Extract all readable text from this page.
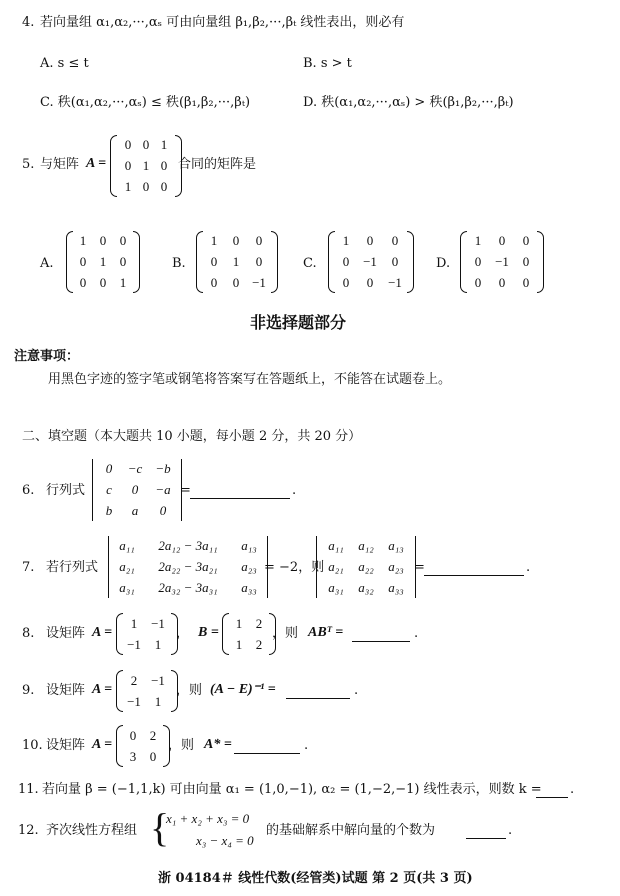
4. 若向量组 α₁,α₂,···,αₛ 可由向量组 β₁,β₂,···,βₜ 线性表出，则必有
A. s ≤ t	B. s > t
C. 秩(α₁,α₂,···,αₛ) ≤ 秩(β₁,β₂,···,βₜ)	D. 秩(α₁,α₂,···,αₛ) > 秩(β₁,β₂,···,βₜ)
5. 与矩阵 A =
0 0 1
0 1 0
1 0 0
合同的矩阵是
A.
1 0 0
0 1 0
0 0 1
B.
1 0 0
0 1 0
0 0 −1
C.
1 0 0
0 −1 0
0 0 −1
D.
1 0 0
0 −1 0
0 0 0
非选择题部分
注意事项：
用黑色字迹的签字笔或钢笔将答案写在答题纸上，不能答在试题卷上。
二、填空题（本大题共 10 小题，每小题 2 分，共 20 分）
6. 行列式
0 −c −b
c 0 −a
b a 0
=	.
7. 若行列式
a₁₁ 2a₁₂ − 3a₁₁ a₁₃
a₂₁ 2a₂₂ − 3a₂₁ a₂₃
a₃₁ 2a₃₂ − 3a₃₁ a₃₃
= −2，则
a₁₁ a₁₂ a₁₃
a₂₁ a₂₂ a₂₃
a₃₁ a₃₂ a₃₃
=	.
8. 设矩阵 A =
1 −1
−1 1
， B =
1 2
1 2
，则 ABᵀ =	.
9. 设矩阵 A =
2 −1
−1 1
，则 (A − E)⁻¹ =	.
10. 设矩阵 A =
0 2
3 0
，则 A* =	.
11. 若向量 β = (−1,1,k) 可由向量 α₁ = (1,0,−1), α₂ = (1,−2,−1) 线性表示，则数 k = .
12. 齐次线性方程组 {
x₁ + x₂ + x₃ = 0
x₃ − x₄ = 0
的基础解系中解向量的个数为	.
浙 04184＃ 线性代数(经管类)试题 第 2 页(共 3 页)
